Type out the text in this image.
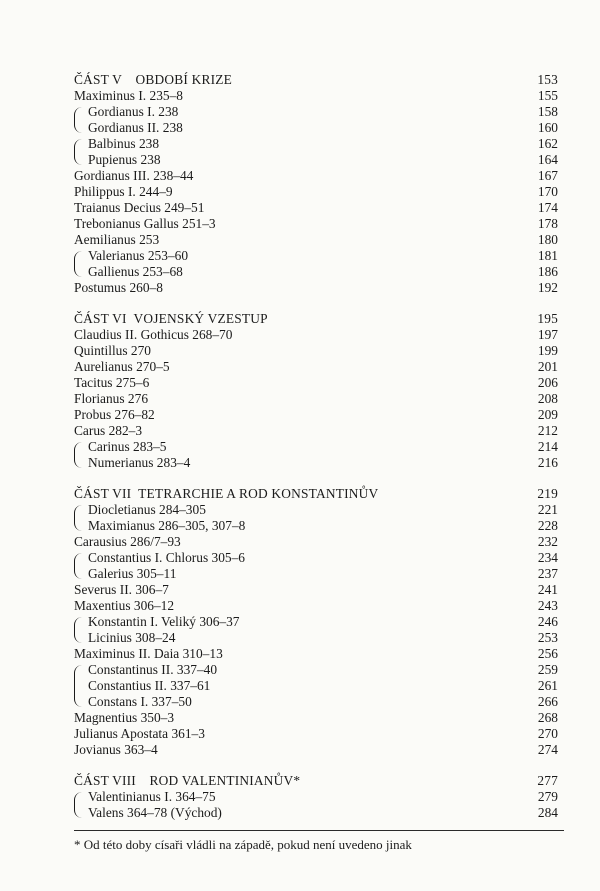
ČÁST V OBDOBÍ KRIZE	153
Maximinus I. 235–8	155
Gordianus I. 238	158
Gordianus II. 238	160
Balbinus 238	162
Pupienus 238	164
Gordianus III. 238–44	167
Philippus I. 244–9	170
Traianus Decius 249–51	174
Trebonianus Gallus 251–3	178
Aemilianus 253	180
Valerianus 253–60	181
Gallienus 253–68	186
Postumus 260–8	192
ČÁST VI VOJENSKÝ VZESTUP	195
Claudius II. Gothicus 268–70	197
Quintillus 270	199
Aurelianus 270–5	201
Tacitus 275–6	206
Florianus 276	208
Probus 276–82	209
Carus 282–3	212
Carinus 283–5	214
Numerianus 283–4	216
ČÁST VII TETRARCHIE A ROD KONSTANTINŮV	219
Diocletianus 284–305	221
Maximianus 286–305, 307–8	228
Carausius 286/7–93	232
Constantius I. Chlorus 305–6	234
Galerius 305–11	237
Severus II. 306–7	241
Maxentius 306–12	243
Konstantin I. Veliký 306–37	246
Licinius 308–24	253
Maximinus II. Daia 310–13	256
Constantinus II. 337–40	259
Constantius II. 337–61	261
Constans I. 337–50	266
Magnentius 350–3	268
Julianus Apostata 361–3	270
Jovianus 363–4	274
ČÁST VIII ROD VALENTINIANŮV*	277
Valentinianus I. 364–75	279
Valens 364–78 (Východ)	284
* Od této doby císaři vládli na západě, pokud není uvedeno jinak
